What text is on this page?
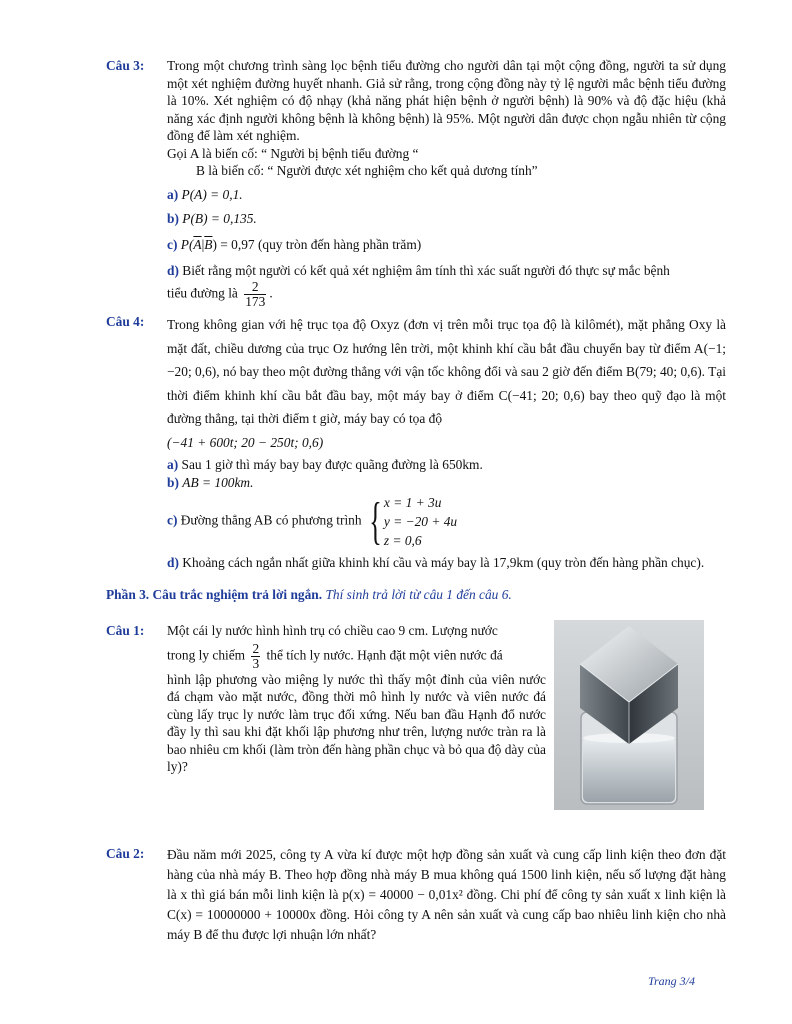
Câu 3: Trong một chương trình sàng lọc bệnh tiểu đường cho người dân tại một cộng đồng, người ta sử dụng một xét nghiệm đường huyết nhanh. Giả sử rằng, trong cộng đồng này tỷ lệ người mắc bệnh tiểu đường là 10%. Xét nghiệm có độ nhạy (khả năng phát hiện bệnh ở người bệnh) là 90% và độ đặc hiệu (khả năng xác định người không bệnh là không bệnh) là 95%. Một người dân được chọn ngẫu nhiên từ cộng đồng để làm xét nghiệm.
Gọi A là biến cố: “ Người bị bệnh tiểu đường “
B là biến cố: “ Người được xét nghiệm cho kết quả dương tính”
a) P(A) = 0,1.
b) P(B) = 0,135.
c) $P(\overline{A}|\overline{B}) = 0,97$ (quy tròn đến hàng phần trăm)
d) Biết rằng một người có kết quả xét nghiệm âm tính thì xác suất người đó thực sự mắc bệnh
tiểu đường là $\frac{2}{173}$ .
Câu 4: Trong không gian với hệ trục tọa độ Oxyz (đơn vị trên mỗi trục tọa độ là kilômét), mặt phẳng Oxy là mặt đất, chiều dương của trục Oz hướng lên trời, một khinh khí cầu bắt đầu chuyển bay từ điểm A(−1; −20; 0,6), nó bay theo một đường thẳng với vận tốc không đổi và sau 2 giờ đến điểm B(79; 40; 0,6). Tại thời điểm khinh khí cầu bắt đầu bay, một máy bay ở điểm C(−41; 20; 0,6) bay theo quỹ đạo là một đường thẳng, tại thời điểm t giờ, máy bay có tọa độ
(−41 + 600t; 20 − 250t; 0,6)
a) Sau 1 giờ thì máy bay bay được quãng đường là 650km.
b) AB = 100km.
c) Đường thẳng AB có phương trình { x = 1 + 3u
y = −20 + 4u
z = 0,6
d) Khoảng cách ngắn nhất giữa khinh khí cầu và máy bay là 17,9km (quy tròn đến hàng phần chục).
Phần 3. Câu trắc nghiệm trả lời ngắn. Thí sinh trả lời từ câu 1 đến câu 6.
Câu 1: Một cái ly nước hình hình trụ có chiều cao 9 cm. Lượng nước
trong ly chiếm $\frac{2}{3}$ thể tích ly nước. Hạnh đặt một viên nước đá
hình lập phương vào miệng ly nước thì thấy một đỉnh của viên nước đá chạm vào mặt nước, đồng thời mô hình ly nước và viên nước đá cùng lấy trục ly nước làm trục đối xứng. Nếu ban đầu Hạnh đổ nước đầy ly thì sau khi đặt khối lập phương như trên, lượng nước tràn ra là bao nhiêu cm khối (làm tròn đến hàng phần chục và bỏ qua độ dày của ly)?
Câu 2: Đầu năm mới 2025, công ty A vừa kí được một hợp đồng sản xuất và cung cấp linh kiện theo đơn đặt hàng của nhà máy B. Theo hợp đồng nhà máy B mua không quá 1500 linh kiện, nếu số lượng đặt hàng là x thì giá bán mỗi linh kiện là p(x) = 40000 − 0,01x² đồng. Chi phí để công ty sản xuất x linh kiện là C(x) = 10000000 + 10000x đồng. Hỏi công ty A nên sản xuất và cung cấp bao nhiêu linh kiện cho nhà máy B để thu được lợi nhuận lớn nhất?
Trang 3/4
